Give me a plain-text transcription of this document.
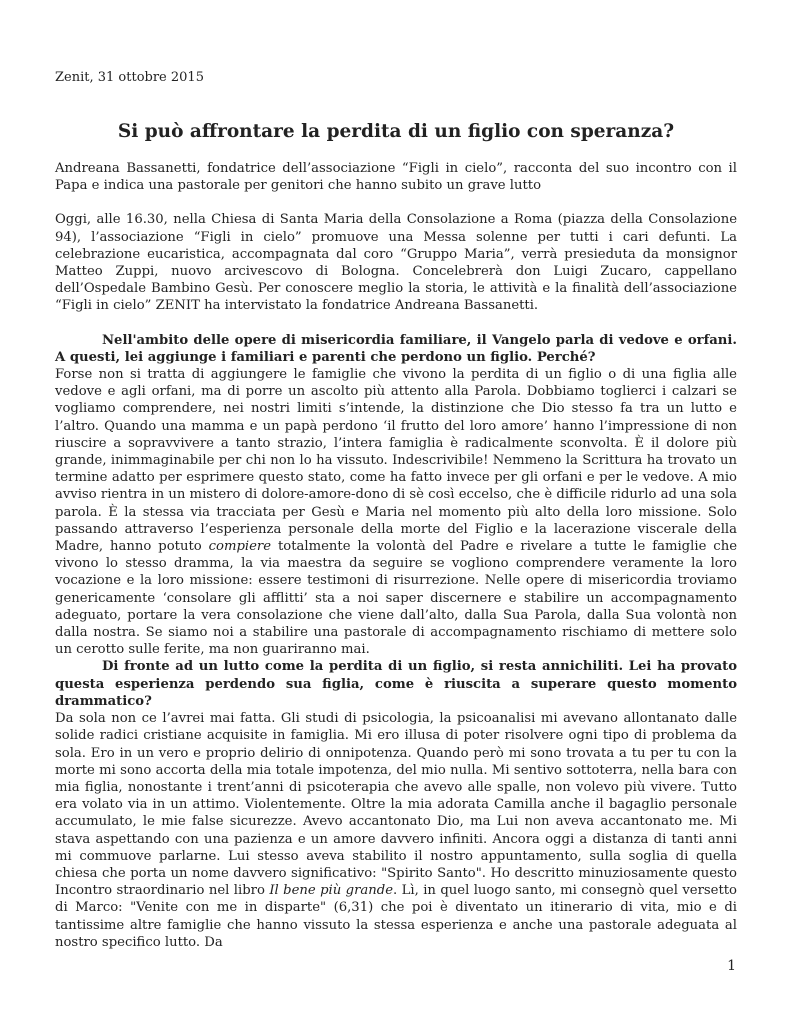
Zenit, 31 ottobre 2015
Si può affrontare la perdita di un figlio con speranza?

Andreana Bassanetti, fondatrice dell’associazione “Figli in cielo”, racconta del suo incontro con il Papa e indica una pastorale per genitori che hanno subito un grave lutto

Oggi, alle 16.30, nella Chiesa di Santa Maria della Consolazione a Roma (piazza della Consolazione 94), l’associazione “Figli in cielo” promuove una Messa solenne per tutti i cari defunti. La celebrazione eucaristica, accompagnata dal coro “Gruppo Maria”, verrà presieduta da monsignor Matteo Zuppi, nuovo arcivescovo di Bologna. Concelebrerà don Luigi Zucaro, cappellano dell’Ospedale Bambino Gesù. Per conoscere meglio la storia, le attività e la finalità dell’associazione “Figli in cielo” ZENIT ha intervistato la fondatrice Andreana Bassanetti.

Nell'ambito delle opere di misericordia familiare, il Vangelo parla di vedove e orfani. A questi, lei aggiunge i familiari e parenti che perdono un figlio. Perché?

Forse non si tratta di aggiungere le famiglie che vivono la perdita di un figlio o di una figlia alle vedove e agli orfani, ma di porre un ascolto più attento alla Parola. Dobbiamo toglierci i calzari se vogliamo comprendere, nei nostri limiti s’intende, la distinzione che Dio stesso fa tra un lutto e l’altro. Quando una mamma e un papà perdono ‘il frutto del loro amore’ hanno l’impressione di non riuscire a sopravvivere a tanto strazio, l’intera famiglia è radicalmente sconvolta. È il dolore più grande, inimmaginabile per chi non lo ha vissuto. Indescrivibile! Nemmeno la Scrittura ha trovato un termine adatto per esprimere questo stato, come ha fatto invece per gli orfani e per le vedove. A mio avviso rientra in un mistero di dolore-amore-dono di sè così eccelso, che è difficile ridurlo ad una sola parola. È la stessa via tracciata per Gesù e Maria nel momento più alto della loro missione. Solo passando attraverso l’esperienza personale della morte del Figlio e la lacerazione viscerale della Madre, hanno potuto compiere totalmente la volontà del Padre e rivelare a tutte le famiglie che vivono lo stesso dramma, la via maestra da seguire se vogliono comprendere veramente la loro vocazione e la loro missione: essere testimoni di risurrezione. Nelle opere di misericordia troviamo genericamente ‘consolare gli afflitti’ sta a noi saper discernere e stabilire un accompagnamento adeguato, portare la vera consolazione che viene dall’alto, dalla Sua Parola, dalla Sua volontà non dalla nostra. Se siamo noi a stabilire una pastorale di accompagnamento rischiamo di mettere solo un cerotto sulle ferite, ma non guariranno mai.

Di fronte ad un lutto come la perdita di un figlio, si resta annichiliti. Lei ha provato questa esperienza perdendo sua figlia, come è riuscita a superare questo momento drammatico?

Da sola non ce l’avrei mai fatta. Gli studi di psicologia, la psicoanalisi mi avevano allontanato dalle solide radici cristiane acquisite in famiglia. Mi ero illusa di poter risolvere ogni tipo di problema da sola. Ero in un vero e proprio delirio di onnipotenza. Quando però mi sono trovata a tu per tu con la morte mi sono accorta della mia totale impotenza, del mio nulla. Mi sentivo sottoterra, nella bara con mia figlia, nonostante i trent’anni di psicoterapia che avevo alle spalle, non volevo più vivere. Tutto era volato via in un attimo. Violentemente. Oltre la mia adorata Camilla anche il bagaglio personale accumulato, le mie false sicurezze. Avevo accantonato Dio, ma Lui non aveva accantonato me. Mi stava aspettando con una pazienza e un amore davvero infiniti. Ancora oggi a distanza di tanti anni mi commuove parlarne. Lui stesso aveva stabilito il nostro appuntamento, sulla soglia di quella chiesa che porta un nome davvero significativo: "Spirito Santo". Ho descritto minuziosamente questo Incontro straordinario nel libro Il bene più grande. Lì, in quel luogo santo, mi consegnò quel versetto di Marco: "Venite con me in disparte" (6,31) che poi è diventato un itinerario di vita, mio e di tantissime altre famiglie che hanno vissuto la stessa esperienza e anche una pastorale adeguata al nostro specifico lutto. Da

1
